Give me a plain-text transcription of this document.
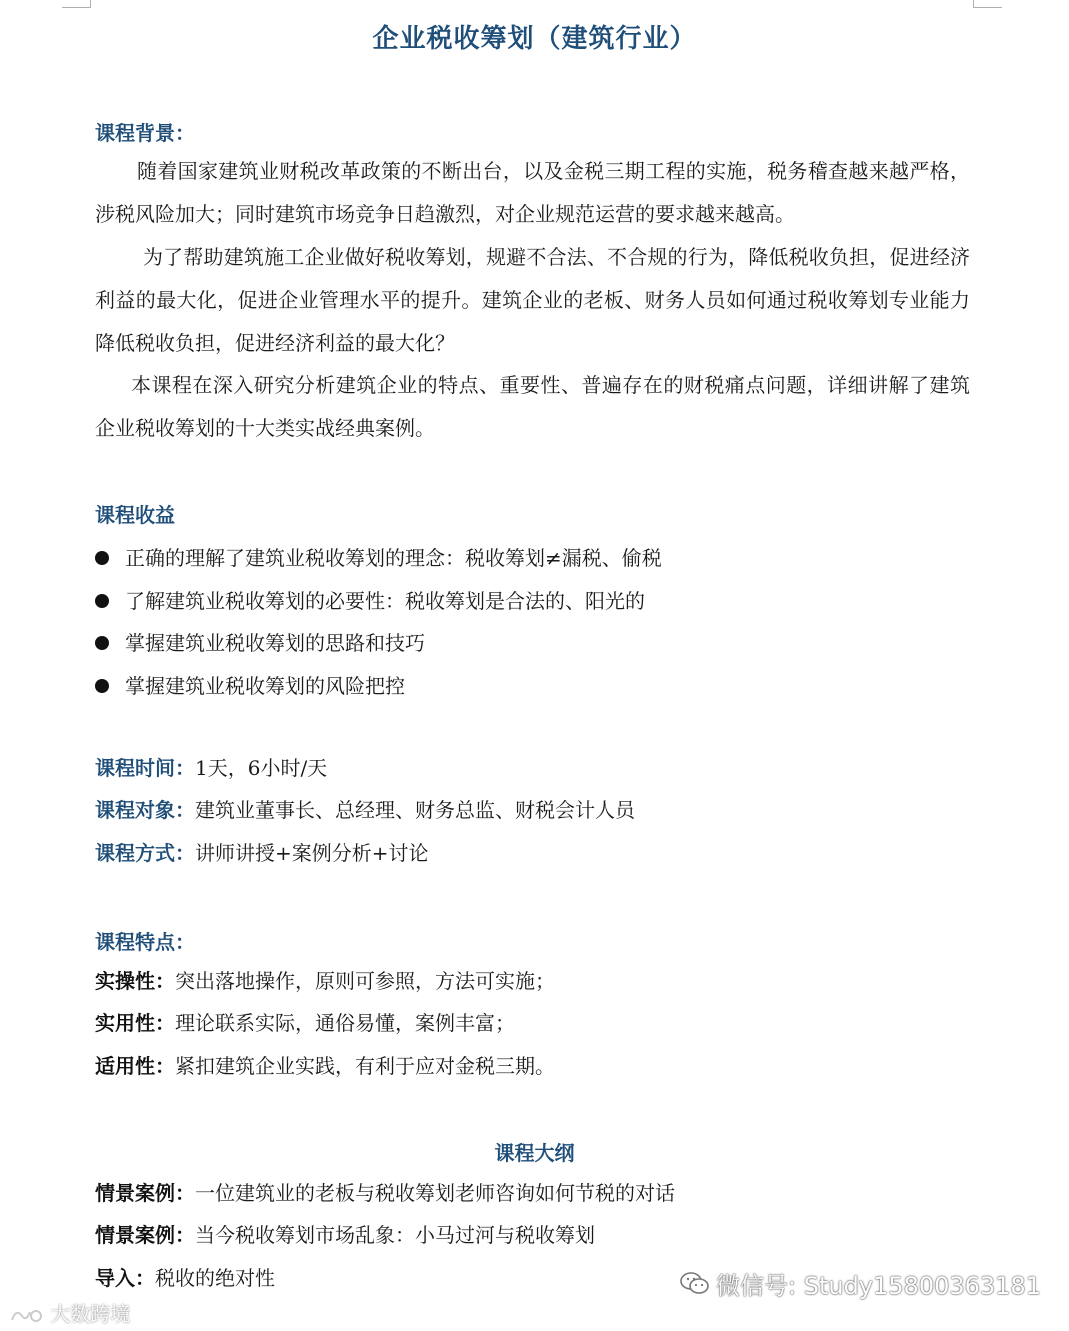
企业税收筹划（建筑行业）
课程背景：
随着国家建筑业财税改革政策的不断出台，以及金税三期工程的实施，税务稽查越来越严格，涉税风险加大；同时建筑市场竞争日趋激烈，对企业规范运营的要求越来越高。
为了帮助建筑施工企业做好税收筹划，规避不合法、不合规的行为，降低税收负担，促进经济利益的最大化，促进企业管理水平的提升。建筑企业的老板、财务人员如何通过税收筹划专业能力降低税收负担，促进经济利益的最大化？
本课程在深入研究分析建筑企业的特点、重要性、普遍存在的财税痛点问题，详细讲解了建筑企业税收筹划的十大类实战经典案例。
课程收益
正确的理解了建筑业税收筹划的理念：税收筹划≠漏税、偷税
了解建筑业税收筹划的必要性：税收筹划是合法的、阳光的
掌握建筑业税收筹划的思路和技巧
掌握建筑业税收筹划的风险把控
课程时间：1天，6小时/天
课程对象：建筑业董事长、总经理、财务总监、财税会计人员
课程方式：讲师讲授+案例分析+讨论
课程特点：
实操性：突出落地操作，原则可参照，方法可实施；
实用性：理论联系实际，通俗易懂，案例丰富；
适用性：紧扣建筑企业实践，有利于应对金税三期。
情景案例：一位建筑业的老板与税收筹划老师咨询如何节税的对话
情景案例：当今税收筹划市场乱象：小马过河与税收筹划
导入：税收的绝对性
课程大纲
微信号: Study15800363181
大数跨境
